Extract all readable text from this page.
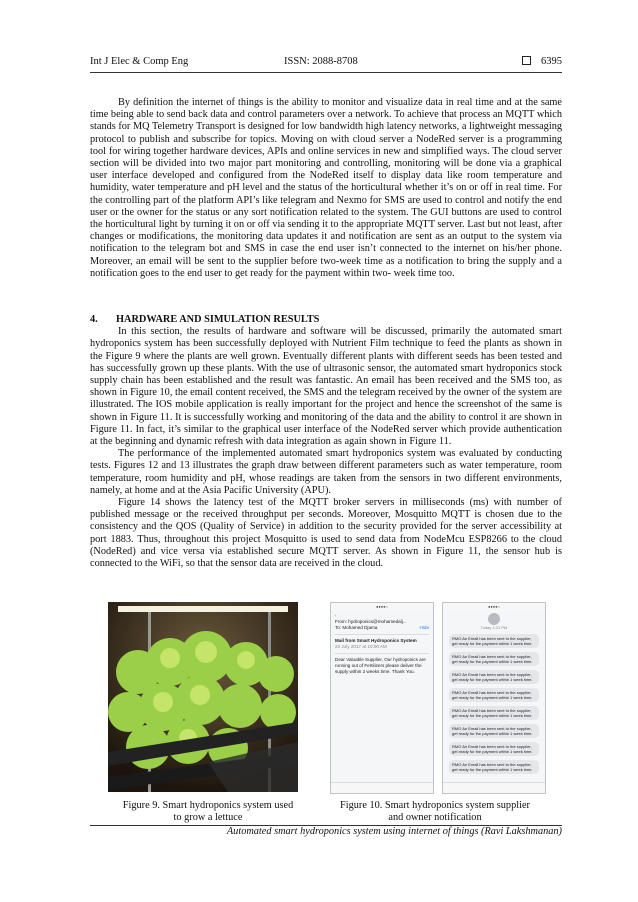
Int J Elec & Comp Eng	ISSN: 2088-8708	6395

By definition the internet of things is the ability to monitor and visualize data in real time and at the same time being able to send back data and control parameters over a network. To achieve that process an MQTT which stands for MQ Telemetry Transport is designed for low bandwidth high latency networks, a lightweight messaging protocol to publish and subscribe for topics. Moving on with cloud server a NodeRed server is a programming tool for wiring together hardware devices, APIs and online services in new and simplified ways. The cloud server section will be divided into two major part monitoring and controlling, monitoring will be done via a graphical user interface developed and configured from the NodeRed itself to display data like room temperature and humidity, water temperature and pH level and the status of the horticultural whether it’s on or off in real time. For the controlling part of the platform API’s like telegram and Nexmo for SMS are used to control and notify the end user or the owner for the status or any sort notification related to the system. The GUI buttons are used to control the horticultural light by turning it on or off via sending it to the appropriate MQTT server. Last but not least, after changes or modifications, the monitoring data updates it and notification are sent as an output to the system via notification to the telegram bot and SMS in case the end user isn’t connected to the internet on his/her phone. Moreover, an email will be sent to the supplier before two-week time as a notification to bring the supply and a notification goes to the end user to get ready for the payment within two- week time too.

4. HARDWARE AND SIMULATION RESULTS

In this section, the results of hardware and software will be discussed, primarily the automated smart hydroponics system has been successfully deployed with Nutrient Film technique to feed the plants as shown in the Figure 9 where the plants are well grown. Eventually different plants with different seeds has been tested and has successfully grown up these plants. With the use of ultrasonic sensor, the automated smart hydroponics stock supply chain has been established and the result was fantastic. An email has been received and the SMS too, as shown in Figure 10, the email content received, the SMS and the telegram received by the owner of the system are illustrated. The IOS mobile application is really important for the project and hence the screenshot of the same is shown in Figure 11. It is successfully working and monitoring of the data and the ability to control it are shown in Figure 11. In fact, it’s similar to the graphical user interface of the NodeRed server which provide authentication at the beginning and dynamic refresh with data integration as again shown in Figure 11.

The performance of the implemented automated smart hydroponics system was evaluated by conducting tests. Figures 12 and 13 illustrates the graph draw between different parameters such as water temperature, room temperature, room humidity and pH, whose readings are taken from the sensors in two different environments, namely, at home and at the Asia Pacific University (APU).

Figure 14 shows the latency test of the MQTT broker servers in milliseconds (ms) with number of published message or the received throughput per seconds. Moreover, Mosquitto MQTT is chosen due to the consistency and the QOS (Quality of Service) in addition to the security provided for the server accessibility at port 1883. Thus, throughout this project Mosquitto is used to send data from NodeMcu ESP8266 to the cloud (NodeRed) and vice versa via established secure MQTT server. As shown in Figure 11, the sensor hub is connected to the WiFi, so that the sensor data are received in the cloud.

●●●●○
‹
From: hydroponics@mohamedalj...
To: Mohamed Djama	Hide
Mail from Smart Hydroponics System
23 July 2017 at 10:00 AM
Dear Valuable Supplier, Our hydroponics are running out of Fertilizers please deliver the supply within 2 weeks time. Thank You.
●●●●○
Today 1:31 PM
RMO An Email has been sent to the supplier, get ready for the payment within 1 week time.
RMO An Email has been sent to the supplier, get ready for the payment within 1 week time.
RMO An Email has been sent to the supplier, get ready for the payment within 1 week time.
RMO An Email has been sent to the supplier, get ready for the payment within 1 week time.
RMO An Email has been sent to the supplier, get ready for the payment within 1 week time.
RMO An Email has been sent to the supplier, get ready for the payment within 1 week time.
RMO An Email has been sent to the supplier, get ready for the payment within 1 week time.
RMO An Email has been sent to the supplier, get ready for the payment within 1 week time.
Figure 9. Smart hydroponics system used
to grow a lettuce
Figure 10. Smart hydroponics system supplier
and owner notification
Automated smart hydroponics system using internet of things (Ravi Lakshmanan)
